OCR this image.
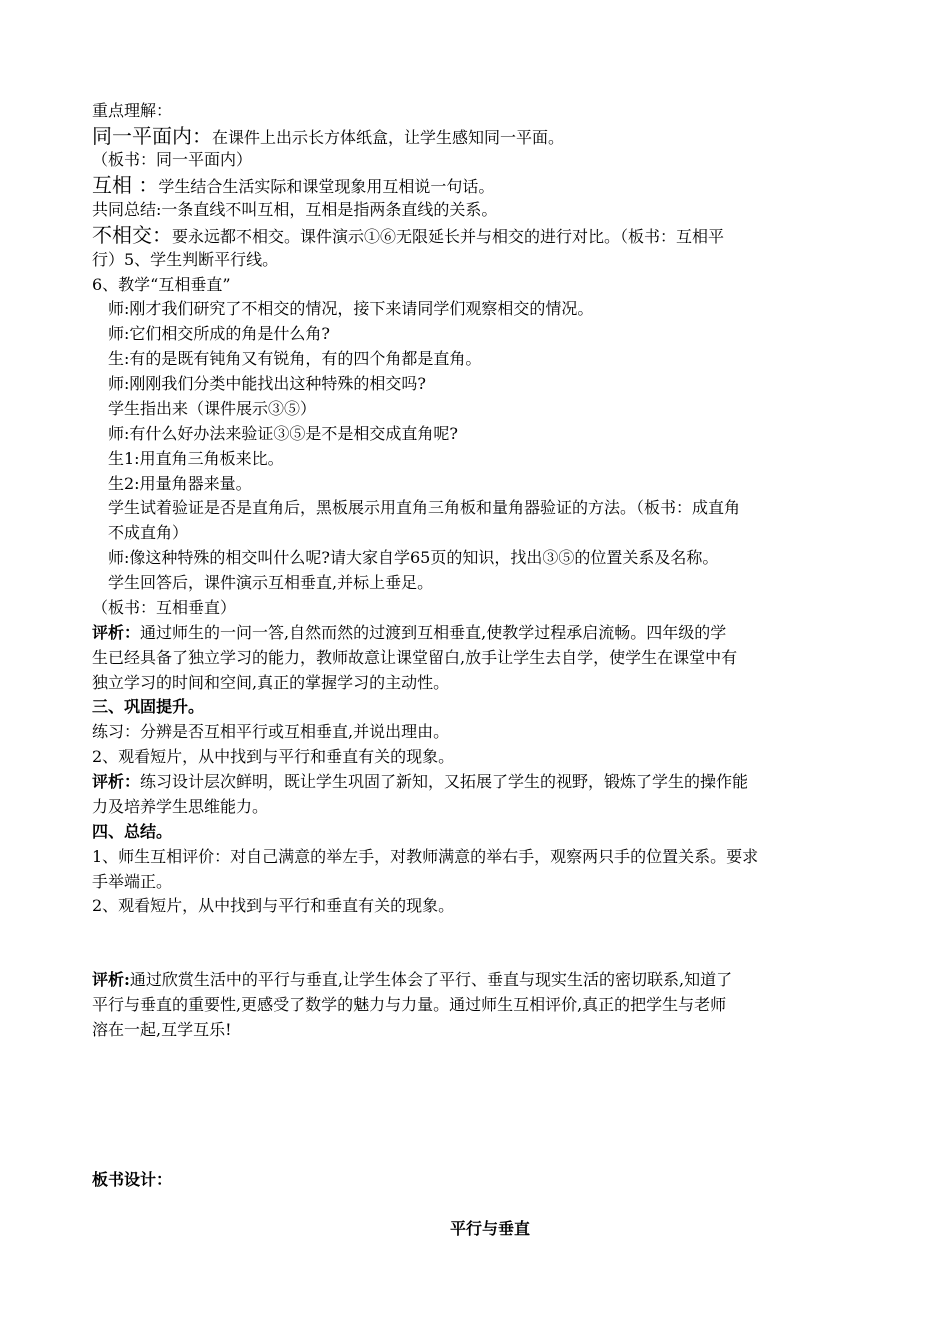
重点理解：
同一平面内：在课件上出示长方体纸盒，让学生感知同一平面。
（板书：同一平面内）
互相 ：学生结合生活实际和课堂现象用互相说一句话。
共同总结:一条直线不叫互相，互相是指两条直线的关系。
不相交：要永远都不相交。课件演示①⑥无限延长并与相交的进行对比。（板书：互相平
行）5、学生判断平行线。
6、教学“互相垂直”
师:刚才我们研究了不相交的情况，接下来请同学们观察相交的情况。
师:它们相交所成的角是什么角?
生:有的是既有钝角又有锐角，有的四个角都是直角。
师:刚刚我们分类中能找出这种特殊的相交吗?
学生指出来（课件展示③⑤）
师:有什么好办法来验证③⑤是不是相交成直角呢?
生1:用直角三角板来比。
生2:用量角器来量。
学生试着验证是否是直角后，黑板展示用直角三角板和量角器验证的方法。（板书：成直角
不成直角）
师:像这种特殊的相交叫什么呢?请大家自学65页的知识，找出③⑤的位置关系及名称。
学生回答后，课件演示互相垂直,并标上垂足。
（板书：互相垂直）
评析：通过师生的一问一答,自然而然的过渡到互相垂直,使教学过程承启流畅。四年级的学
生已经具备了独立学习的能力，教师故意让课堂留白,放手让学生去自学，使学生在课堂中有
独立学习的时间和空间,真正的掌握学习的主动性。
三、巩固提升。
练习：分辨是否互相平行或互相垂直,并说出理由。
2、观看短片，从中找到与平行和垂直有关的现象。
评析：练习设计层次鲜明，既让学生巩固了新知，又拓展了学生的视野，锻炼了学生的操作能
力及培养学生思维能力。
四、总结。
1、师生互相评价：对自己满意的举左手，对教师满意的举右手，观察两只手的位置关系。要求
手举端正。
2、观看短片，从中找到与平行和垂直有关的现象。
评析:通过欣赏生活中的平行与垂直,让学生体会了平行、垂直与现实生活的密切联系,知道了
平行与垂直的重要性,更感受了数学的魅力与力量。通过师生互相评价,真正的把学生与老师
溶在一起,互学互乐!
板书设计：
平行与垂直
